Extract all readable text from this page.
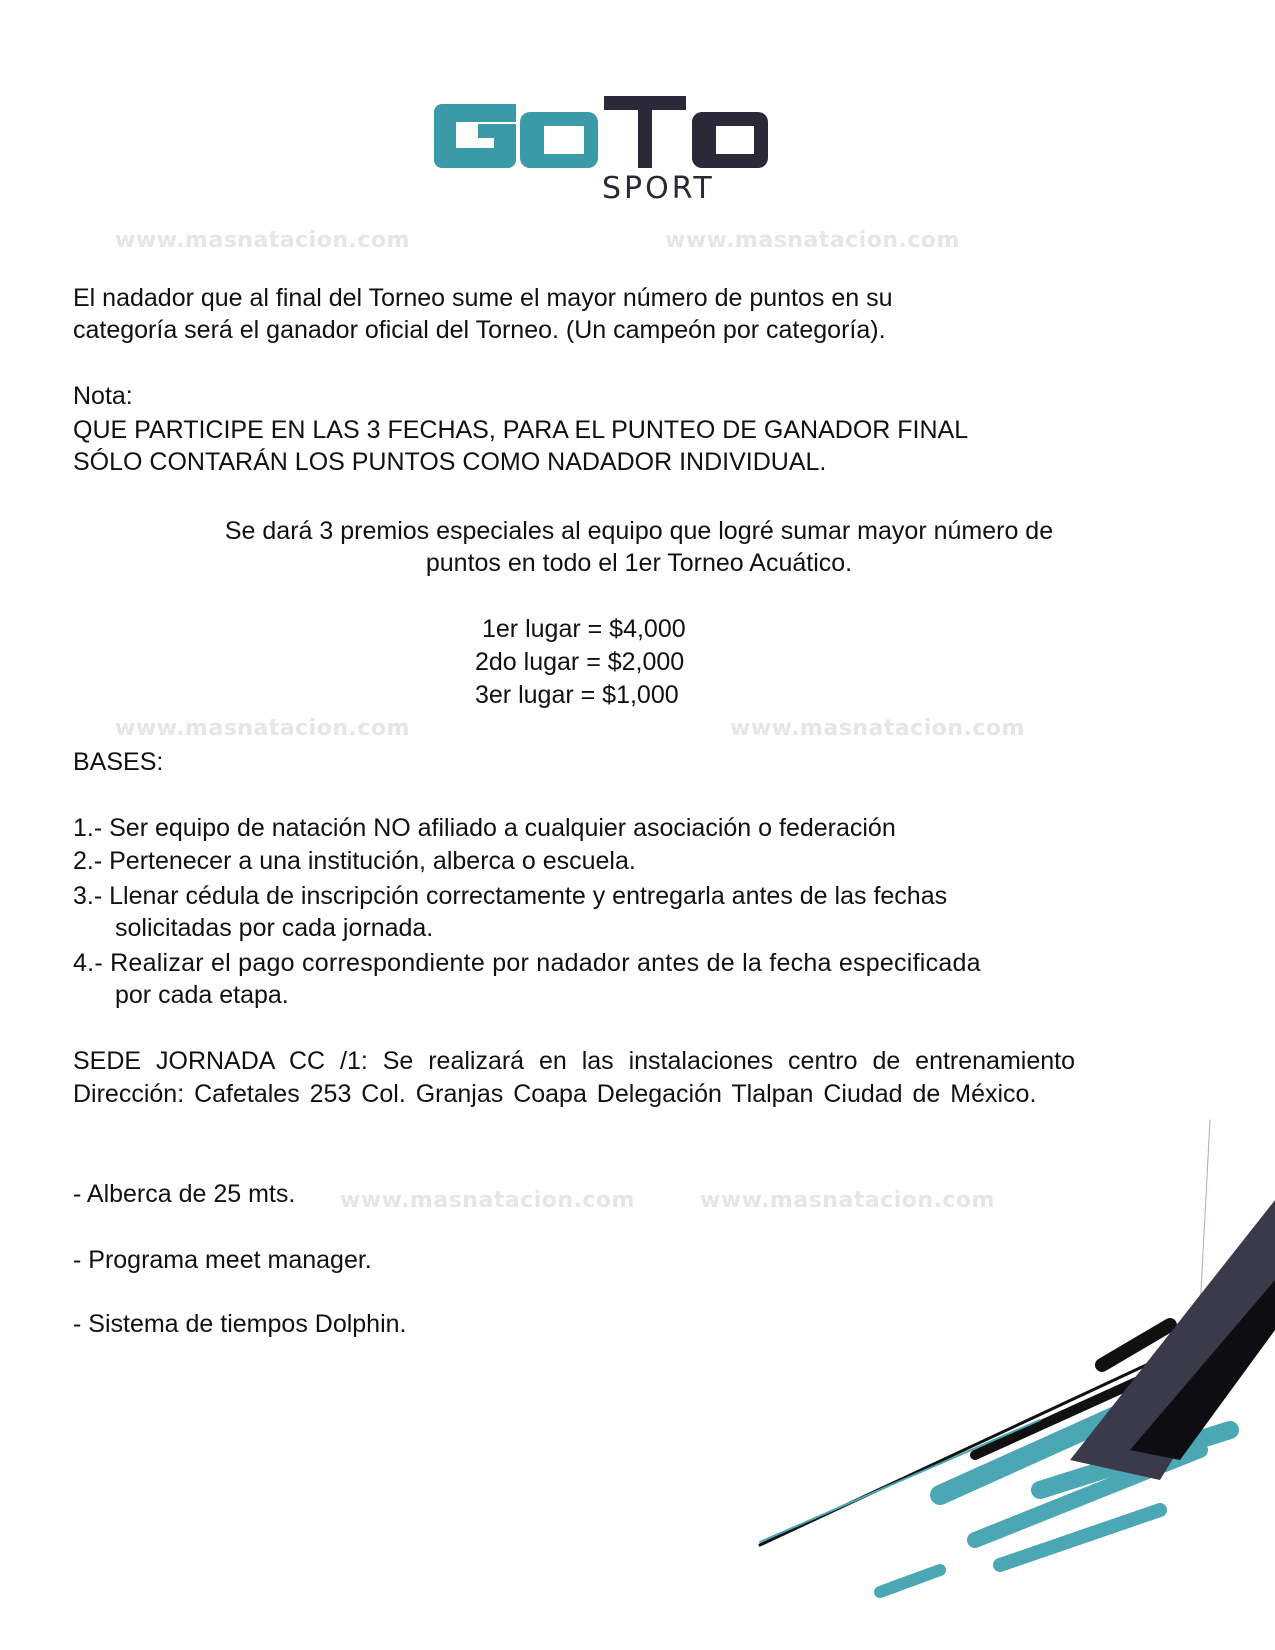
SPORT
www.masnatacion.com	www.masnatacion.com
www.masnatacion.com	www.masnatacion.com
www.masnatacion.com	www.masnatacion.com
El nadador que al final del Torneo sume el mayor número de puntos en su
categoría será el ganador oficial del Torneo. (Un campeón por categoría).
Nota:
QUE PARTICIPE EN LAS 3 FECHAS, PARA EL PUNTEO DE GANADOR FINAL
SÓLO CONTARÁN LOS PUNTOS COMO NADADOR INDIVIDUAL.
Se dará 3 premios especiales al equipo que logré sumar mayor número de
puntos en todo el 1er Torneo Acuático.
1er lugar = $4,000
2do lugar = $2,000
3er lugar = $1,000
BASES:
1.- Ser equipo de natación NO afiliado a cualquier asociación o federación
2.- Pertenecer a una institución, alberca o escuela.
3.- Llenar cédula de inscripción correctamente y entregarla antes de las fechas
solicitadas por cada jornada.
4.- Realizar el pago correspondiente por nadador antes de la fecha especificada
por cada etapa.
SEDE JORNADA CC /1: Se realizará en las instalaciones centro de entrenamiento Dirección: Cafetales 253 Col. Granjas Coapa Delegación Tlalpan Ciudad de México.
- Alberca de 25 mts.
- Programa meet manager.
- Sistema de tiempos Dolphin.
